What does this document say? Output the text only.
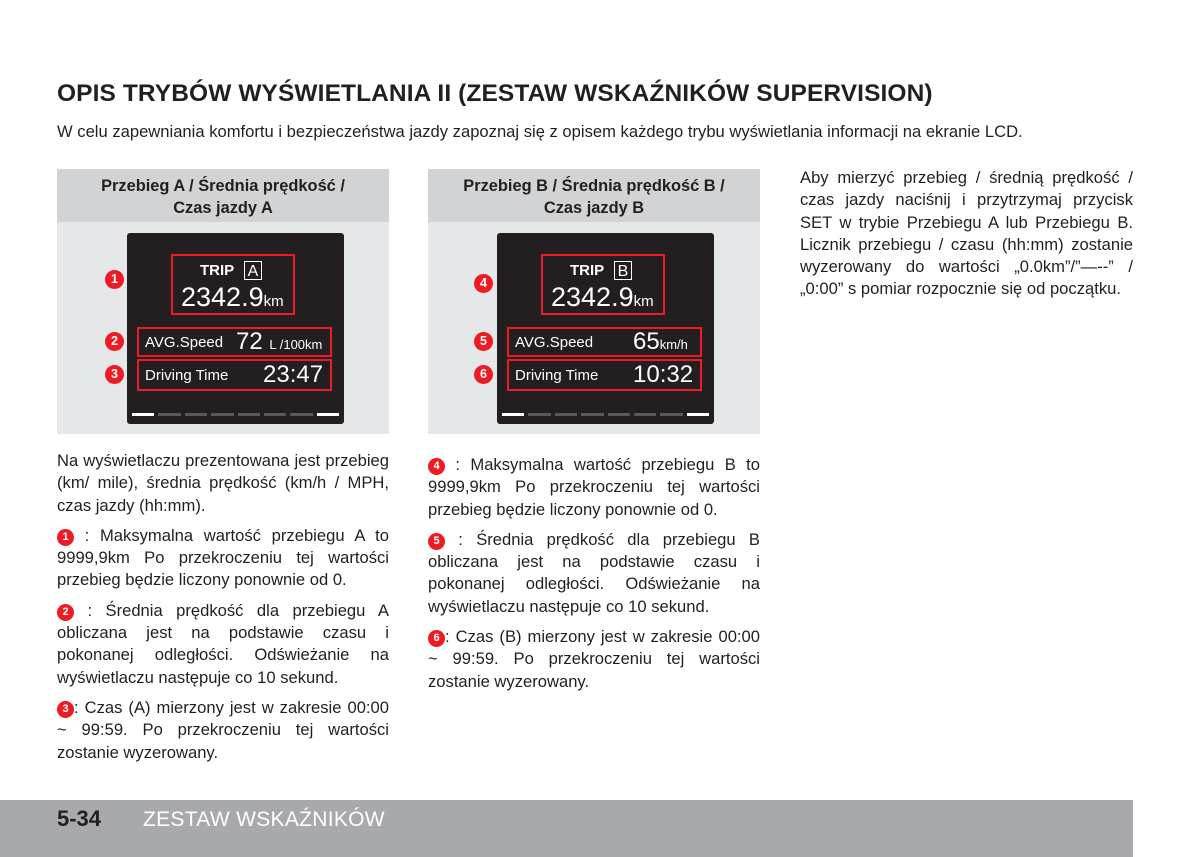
OPIS TRYBÓW WYŚWIETLANIA II (ZESTAW WSKAŹNIKÓW SUPERVISION)
W celu zapewniania komfortu i bezpieczeństwa jazdy zapoznaj się z opisem każdego trybu wyświetlania informacji na ekranie LCD.
Przebieg A / Średnia prędkość /
Czas jazdy A
1
2
3
TRIP A
2342.9km
AVG.Speed 72 L /100km
Driving Time 23:47
Przebieg B / Średnia prędkość B /
Czas jazdy B
4
5
6
TRIP B
2342.9km
AVG.Speed 65km/h
Driving Time 10:32

Na wyświetlaczu prezentowana jest przebieg (km/ mile), średnia prędkość (km/h / MPH, czas jazdy (hh:mm).

1 : Maksymalna wartość przebiegu A to 9999,9km Po przekroczeniu tej wartości przebieg będzie liczony ponownie od 0.

2 : Średnia prędkość dla przebiegu A obliczana jest na podstawie czasu i pokonanej odległości. Odświeżanie na wyświetlaczu następuje co 10 sekund.

3 : Czas (A) mierzony jest w zakresie 00:00 ~ 99:59. Po przekroczeniu tej wartości zostanie wyzerowany.

4 : Maksymalna wartość przebiegu B to 9999,9km Po przekroczeniu tej wartości przebieg będzie liczony ponownie od 0.

5 : Średnia prędkość dla przebiegu B obliczana jest na podstawie czasu i pokonanej odległości. Odświeżanie na wyświetlaczu następuje co 10 sekund.

6 : Czas (B) mierzony jest w zakresie 00:00 ~ 99:59. Po przekroczeniu tej wartości zostanie wyzerowany.

Aby mierzyć przebieg / średnią prędkość / czas jazdy naciśnij i przytrzymaj przycisk SET w trybie Przebiegu A lub Przebiegu B. Licznik przebiegu / czasu (hh:mm) zostanie wyzerowany do wartości „0.0km”/”—--” / „0:00” s pomiar rozpocznie się od początku.
5-34 ZESTAW WSKAŹNIKÓW
